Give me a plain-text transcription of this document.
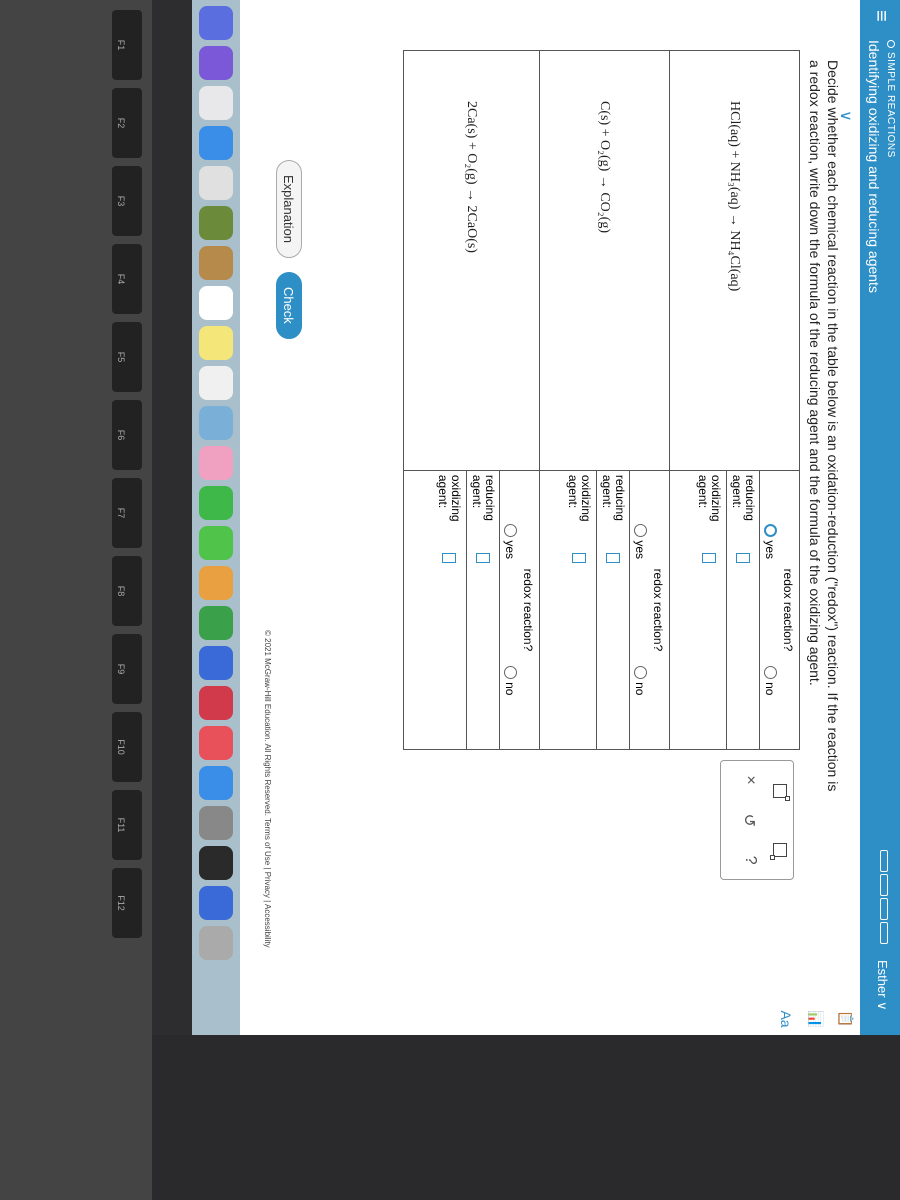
≡
SIMPLE REACTIONS
Identifying oxidizing and reducing agents
Esther ∨
📋
📊
Aa
∨
Decide whether each chemical reaction in the table below is an oxidation-reduction ("redox") reaction. If the reaction is a redox reaction, write down the formula of the reducing agent and the formula of the oxidizing agent.
HCl(aq) + NH₃(aq) → NH₄Cl(aq)
redox reaction?
yes
no
reducing agent:
oxidizing agent:
C(s) + O₂(g) → CO₂(g)
redox reaction?
yes
no
reducing agent:
oxidizing agent:
2Ca(s) + O₂(g) → 2CaO(s)
redox reaction?
yes
no
reducing agent:
oxidizing agent:
×
↺
?
Explanation
Check
© 2021 McGraw-Hill Education. All Rights Reserved. Terms of Use | Privacy | Accessibility
F1
F2
F3
F4
F5
F6
F7
F8
F9
F10
F11
F12
